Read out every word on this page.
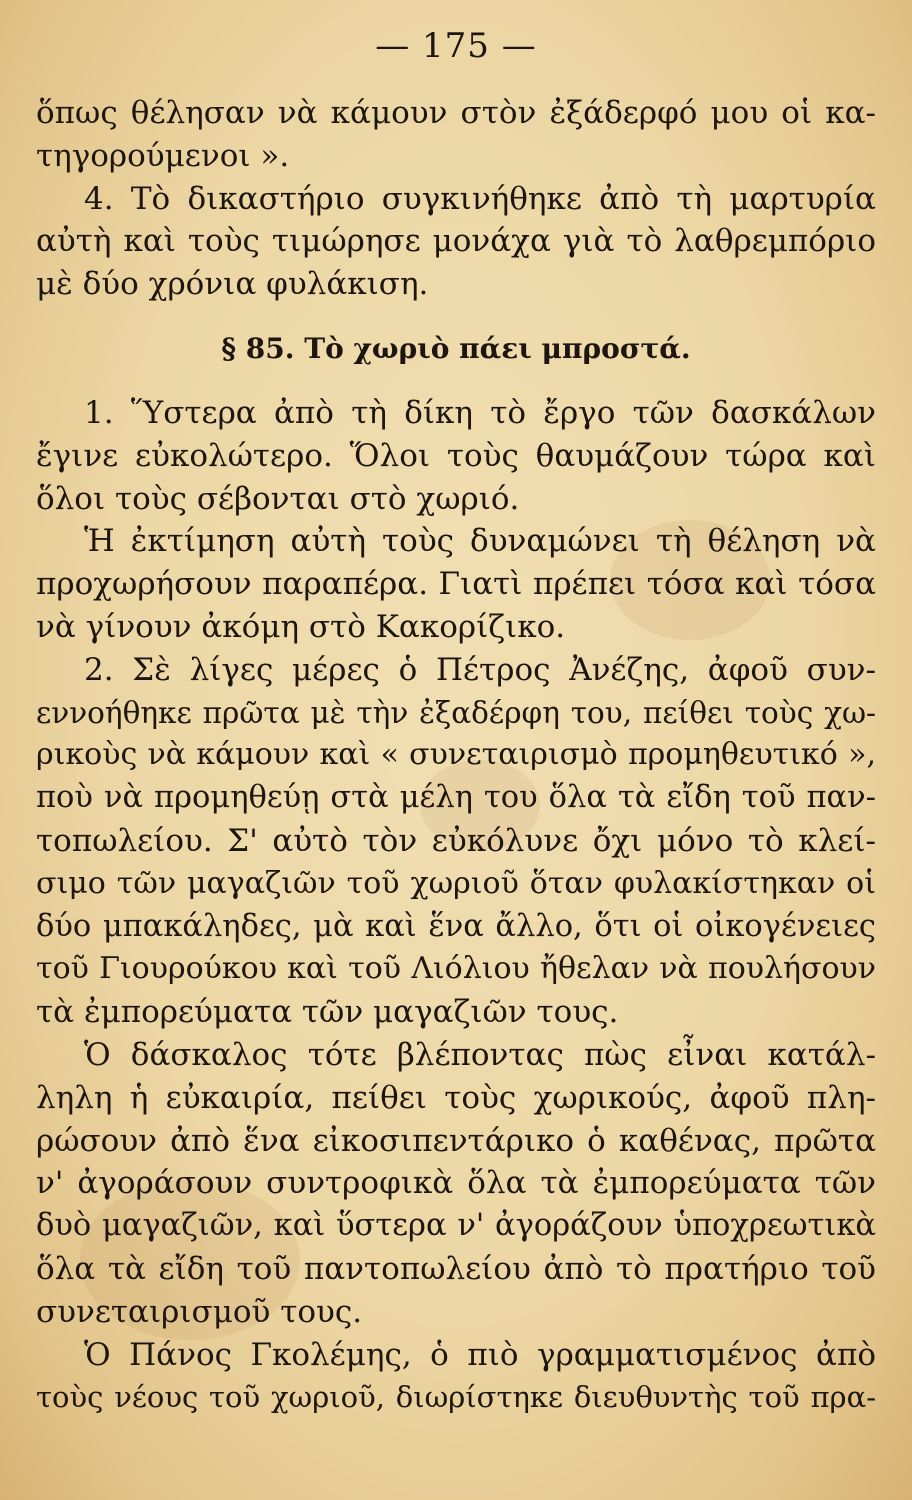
— 175 —
ὅπως θέλησαν νὰ κάμουν στὸν ἐξάδερφό μου οἱ κα-
τηγορούμενοι ».
4. Τὸ δικαστήριο συγκινήθηκε ἀπὸ τὴ μαρτυρία
αὐτὴ καὶ τοὺς τιμώρησε μονάχα γιὰ τὸ λαθρεμπόριο
μὲ δύο χρόνια φυλάκιση.
§ 85. Τὸ χωριὸ πάει μπροστά.
1. Ὕστερα ἀπὸ τὴ δίκη τὸ ἔργο τῶν δασκάλων
ἔγινε εὐκολώτερο. Ὅλοι τοὺς θαυμάζουν τώρα καὶ
ὅλοι τοὺς σέβονται στὸ χωριό.
Ἡ ἐκτίμηση αὐτὴ τοὺς δυναμώνει τὴ θέληση νὰ
προχωρήσουν παραπέρα. Γιατὶ πρέπει τόσα καὶ τόσα
νὰ γίνουν ἀκόμη στὸ Κακορίζικο.
2. Σὲ λίγες μέρες ὁ Πέτρος Ἀνέζης, ἀφοῦ συν-
εννοήθηκε πρῶτα μὲ τὴν ἐξαδέρφη του, πείθει τοὺς χω-
ρικοὺς νὰ κάμουν καὶ « συνεταιρισμὸ προμηθευτικό »,
ποὺ νὰ προμηθεύῃ στὰ μέλη του ὅλα τὰ εἴδη τοῦ παν-
τοπωλείου. Σ' αὐτὸ τὸν εὐκόλυνε ὄχι μόνο τὸ κλεί-
σιμο τῶν μαγαζιῶν τοῦ χωριοῦ ὅταν φυλακίστηκαν οἱ
δύο μπακάληδες, μὰ καὶ ἕνα ἄλλο, ὅτι οἱ οἰκογένειες
τοῦ Γιουρούκου καὶ τοῦ Λιόλιου ἤθελαν νὰ πουλήσουν
τὰ ἐμπορεύματα τῶν μαγαζιῶν τους.
Ὁ δάσκαλος τότε βλέποντας πὼς εἶναι κατάλ-
ληλη ἡ εὐκαιρία, πείθει τοὺς χωρικούς, ἀφοῦ πλη-
ρώσουν ἀπὸ ἕνα εἰκοσιπεντάρικο ὁ καθένας, πρῶτα
ν' ἀγοράσουν συντροφικὰ ὅλα τὰ ἐμπορεύματα τῶν
δυὸ μαγαζιῶν, καὶ ὕστερα ν' ἀγοράζουν ὑποχρεωτικὰ
ὅλα τὰ εἴδη τοῦ παντοπωλείου ἀπὸ τὸ πρατήριο τοῦ
συνεταιρισμοῦ τους.
Ὁ Πάνος Γκολέμης, ὁ πιὸ γραμματισμένος ἀπὸ
τοὺς νέους τοῦ χωριοῦ, διωρίστηκε διευθυντὴς τοῦ πρα-
